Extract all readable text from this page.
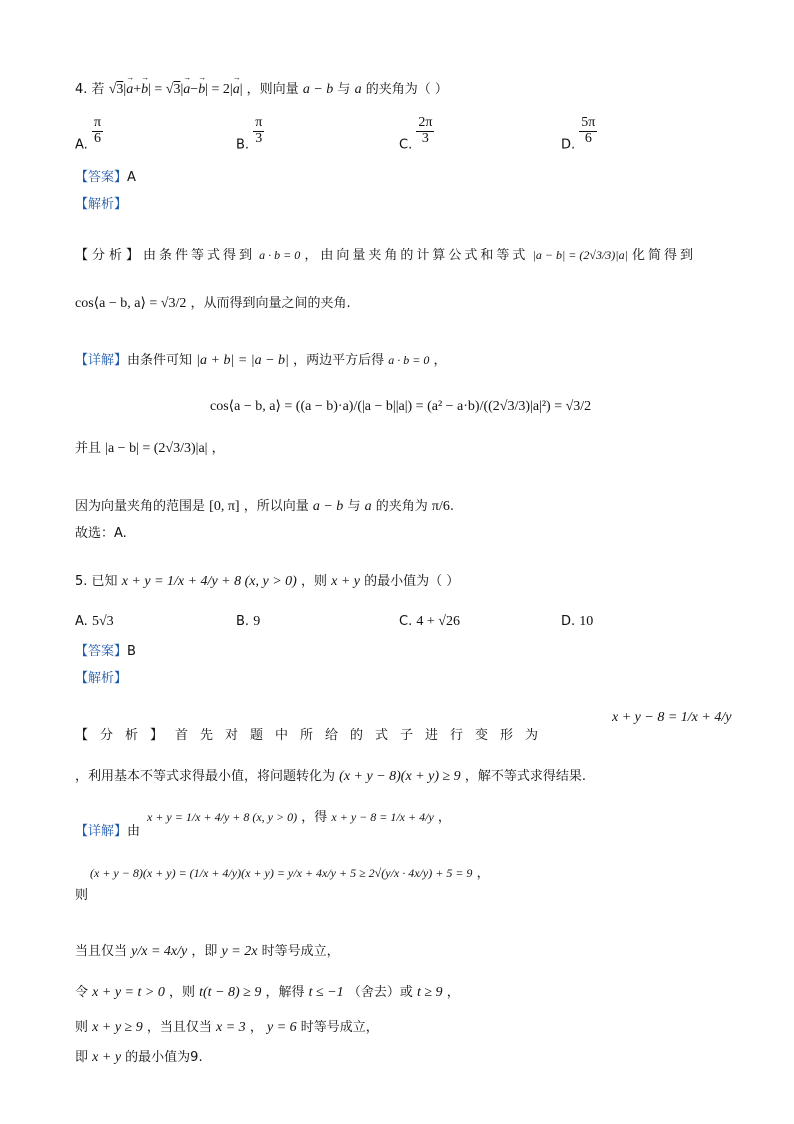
4. 若 √3|→ a+→ b| = √3|→ a−→ b| = 2|→ a| ，则向量 a − b 与 a 的夹角为（ ）
A. $\frac{\pi}{6}$	B. $\frac{\pi}{3}$	C. $\frac{2\pi}{3}$	D. $\frac{5\pi}{6}$
【答案】A
【解析】
【分析】由条件等式得到 a · b = 0 ，由向量夹角的计算公式和等式 |a − b| = (2√3/3)|a| 化简得到
cos⟨a − b, a⟩ = √3/2 ，从而得到向量之间的夹角.
【详解】由条件可知 |a + b| = |a − b| ，两边平方后得 a · b = 0 ，
cos⟨a − b, a⟩ = ((a − b)·a)/(|a − b||a|) = (a² − a·b)/((2√3/3)|a|²) = √3/2
并且 |a − b| = (2√3/3)|a| ，
因为向量夹角的范围是 [0, π] ，所以向量 a − b 与 a 的夹角为 π/6.
故选：A.
5. 已知 x + y = 1/x + 4/y + 8 (x, y > 0) ，则 x + y 的最小值为（ ）
A. 5√3	B. 9	C. 4 + √26	D. 10
【答案】B
【解析】
【分析】首先对题中所给的式子进行变形为
x + y − 8 = 1/x + 4/y
，利用基本不等式求得最小值，将问题转化为 (x + y − 8)(x + y) ≥ 9 ，解不等式求得结果.
【详解】由
x + y = 1/x + 4/y + 8 (x, y > 0) ，得 x + y − 8 = 1/x + 4/y ，
则
(x + y − 8)(x + y) = (1/x + 4/y)(x + y) = y/x + 4x/y + 5 ≥ 2√(y/x · 4x/y) + 5 = 9 ，
当且仅当 y/x = 4x/y ，即 y = 2x 时等号成立，
令 x + y = t > 0 ，则 t(t − 8) ≥ 9 ，解得 t ≤ −1 （舍去）或 t ≥ 9 ，
则 x + y ≥ 9 ，当且仅当 x = 3 ， y = 6 时等号成立，
即 x + y 的最小值为9.
